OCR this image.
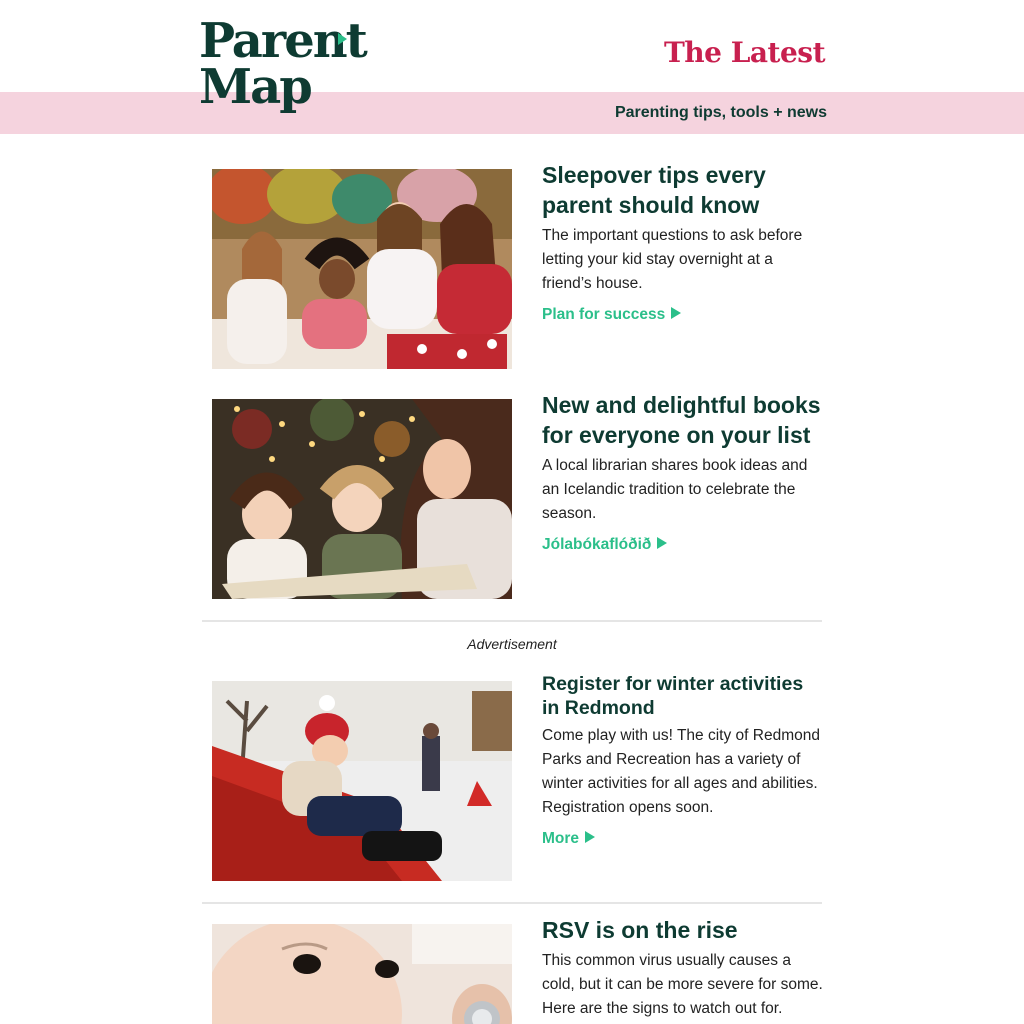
Parent
Map
The Latest
Parenting tips, tools + news
Sleepover tips every parent should know
The important questions to ask before letting your kid stay overnight at a friend’s house.
Plan for success
New and delightful books for everyone on your list
A local librarian shares book ideas and an Icelandic tradition to celebrate the season.
Jólabókaflóðið
Advertisement
Register for winter activities in Redmond
Come play with us! The city of Redmond Parks and Recreation has a variety of winter activities for all ages and abilities. Registration opens soon.
More
RSV is on the rise
This common virus usually causes a cold, but it can be more severe for some. Here are the signs to watch out for.
